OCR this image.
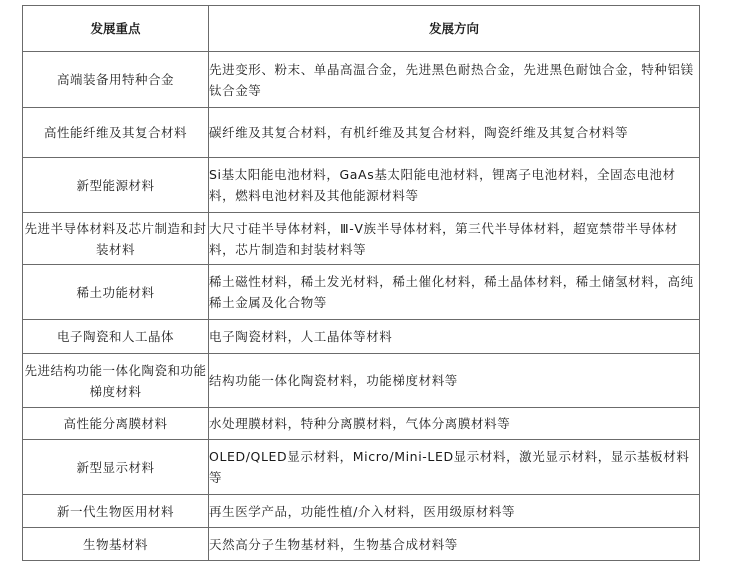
发展重点	发展方向
高端装备用特种合金	先进变形、粉末、单晶高温合金，先进黑色耐热合金，先进黑色耐蚀合金，特种铝镁钛合金等
高性能纤维及其复合材料	碳纤维及其复合材料，有机纤维及其复合材料，陶瓷纤维及其复合材料等
新型能源材料	Si基太阳能电池材料，GaAs基太阳能电池材料，锂离子电池材料，全固态电池材料，燃料电池材料及其他能源材料等
先进半导体材料及芯片制造和封装材料	大尺寸硅半导体材料，Ⅲ-Ⅴ族半导体材料，第三代半导体材料，超宽禁带半导体材料，芯片制造和封装材料等
稀土功能材料	稀土磁性材料，稀土发光材料，稀土催化材料，稀土晶体材料，稀土储氢材料，高纯稀土金属及化合物等
电子陶瓷和人工晶体	电子陶瓷材料，人工晶体等材料
先进结构功能一体化陶瓷和功能梯度材料	结构功能一体化陶瓷材料，功能梯度材料等
高性能分离膜材料	水处理膜材料，特种分离膜材料，气体分离膜材料等
新型显示材料	OLED/QLED显示材料，Micro/Mini-LED显示材料，激光显示材料，显示基板材料等
新一代生物医用材料	再生医学产品，功能性植/介入材料，医用级原材料等
生物基材料	天然高分子生物基材料，生物基合成材料等
